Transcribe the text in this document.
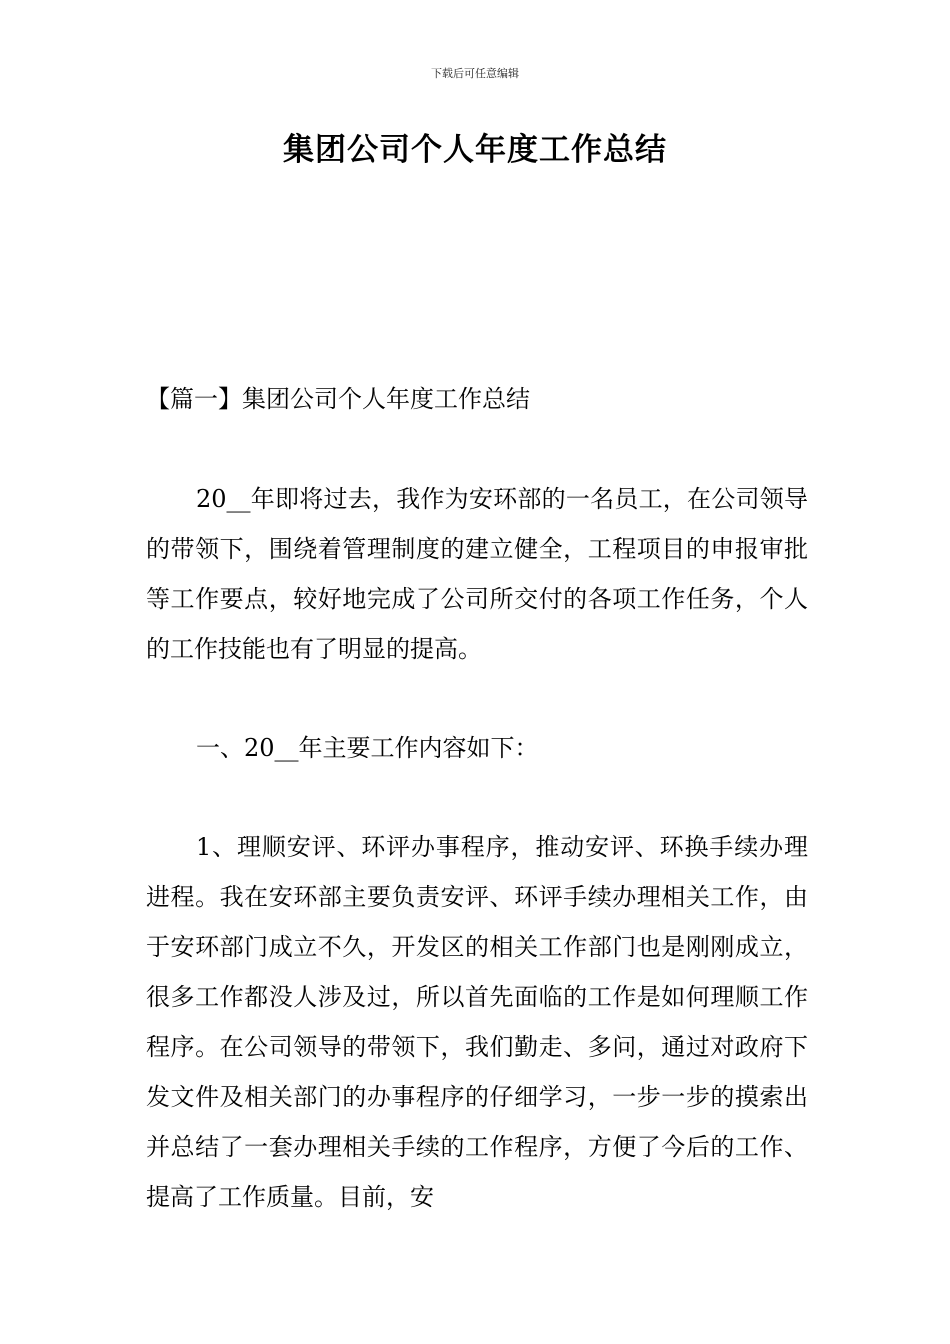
下载后可任意编辑
集团公司个人年度工作总结
【篇一】集团公司个人年度工作总结

20__年即将过去，我作为安环部的一名员工，在公司领导的带领下，围绕着管理制度的建立健全，工程项目的申报审批等工作要点，较好地完成了公司所交付的各项工作任务，个人的工作技能也有了明显的提高。

一、20__年主要工作内容如下：

1、理顺安评、环评办事程序，推动安评、环换手续办理进程。我在安环部主要负责安评、环评手续办理相关工作，由于安环部门成立不久，开发区的相关工作部门也是刚刚成立，很多工作都没人涉及过，所以首先面临的工作是如何理顺工作程序。在公司领导的带领下，我们勤走、多问，通过对政府下发文件及相关部门的办事程序的仔细学习，一步一步的摸索出并总结了一套办理相关手续的工作程序，方便了今后的工作、提高了工作质量。目前，安
